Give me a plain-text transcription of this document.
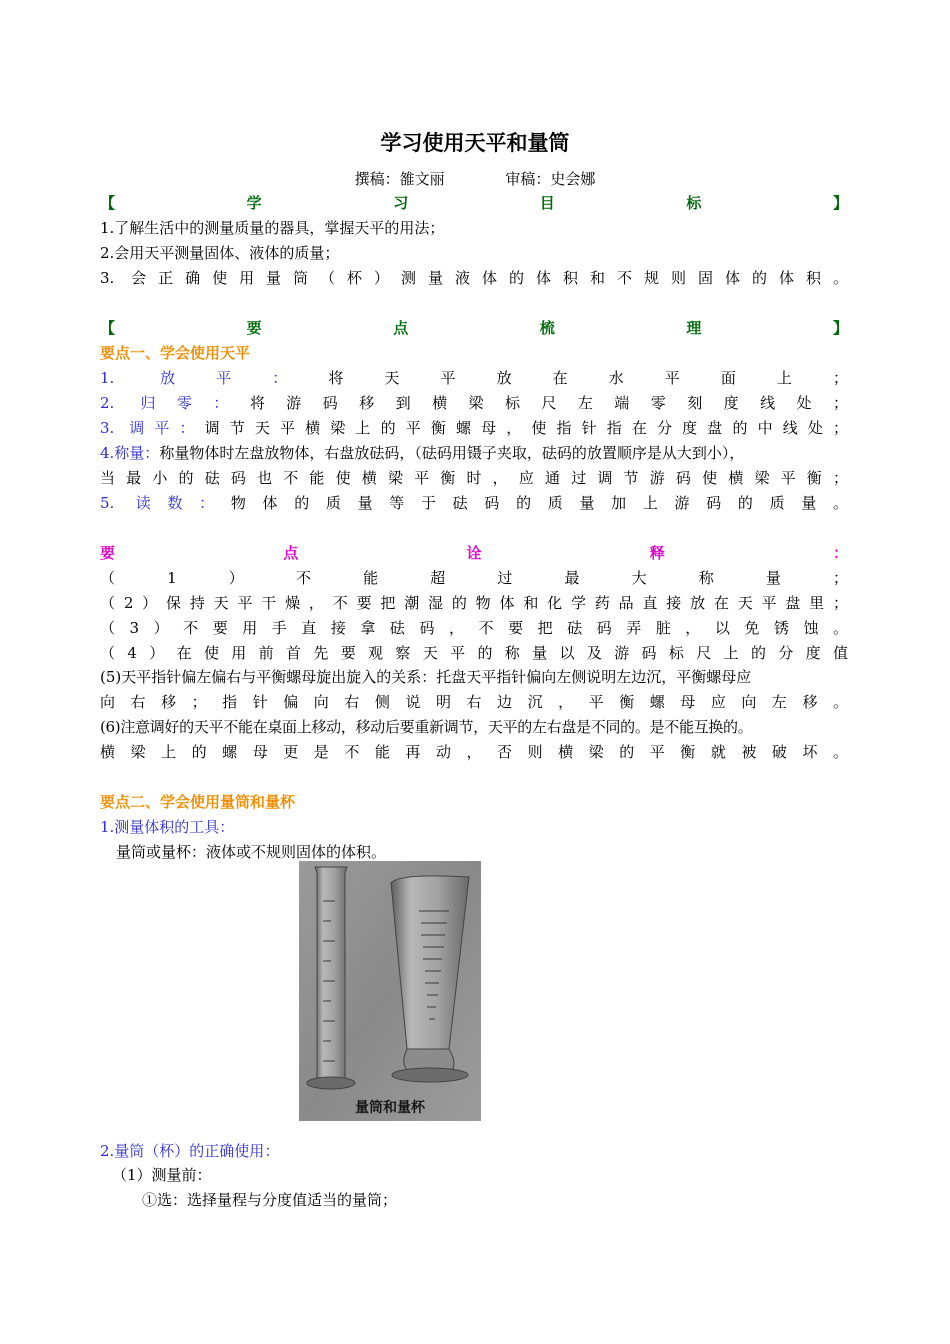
学习使用天平和量筒
撰稿：雒文丽	审稿：史会娜
【学习目标】
1.了解生活中的测量质量的器具，掌握天平的用法；
2.会用天平测量固体、液体的质量；
3. 会正确使用量筒（杯）测量液体的体积和不规则固体的体积。
【要点梳理】
要点一、学会使用天平
1. 放平：将天平放在水平面上；
2. 归零：将游码移到横梁标尺左端零刻度线处；
3. 调平：调节天平横梁上的平衡螺母，使指针指在分度盘的中线处；
4.称量：称量物体时左盘放物体，右盘放砝码，（砝码用镊子夹取，砝码的放置顺序是从大到小），
当最小的砝码也不能使横梁平衡时，应通过调节游码使横梁平衡；
5. 读数：物体的质量等于砝码的质量加上游码的质量。
要点诠释：
（1）不能超过最大称量；
（2）保持天平干燥，不要把潮湿的物体和化学药品直接放在天平盘里；
（3）不要用手直接拿砝码，不要把砝码弄脏，以免锈蚀。
（4）在使用前首先要观察天平的称量以及游码标尺上的分度值
(5)天平指针偏左偏右与平衡螺母旋出旋入的关系：托盘天平指针偏向左侧说明左边沉，平衡螺母应
向右移；指针偏向右侧说明右边沉，平衡螺母应向左移。
(6)注意调好的天平不能在桌面上移动，移动后要重新调节，天平的左右盘是不同的。是不能互换的。
横梁上的螺母更是不能再动，否则横梁的平衡就被破坏。
要点二、学会使用量筒和量杯
1.测量体积的工具：
量筒或量杯：液体或不规则固体的体积。
量筒和量杯
2.量筒（杯）的正确使用：
（1）测量前：
①选：选择量程与分度值适当的量筒；
